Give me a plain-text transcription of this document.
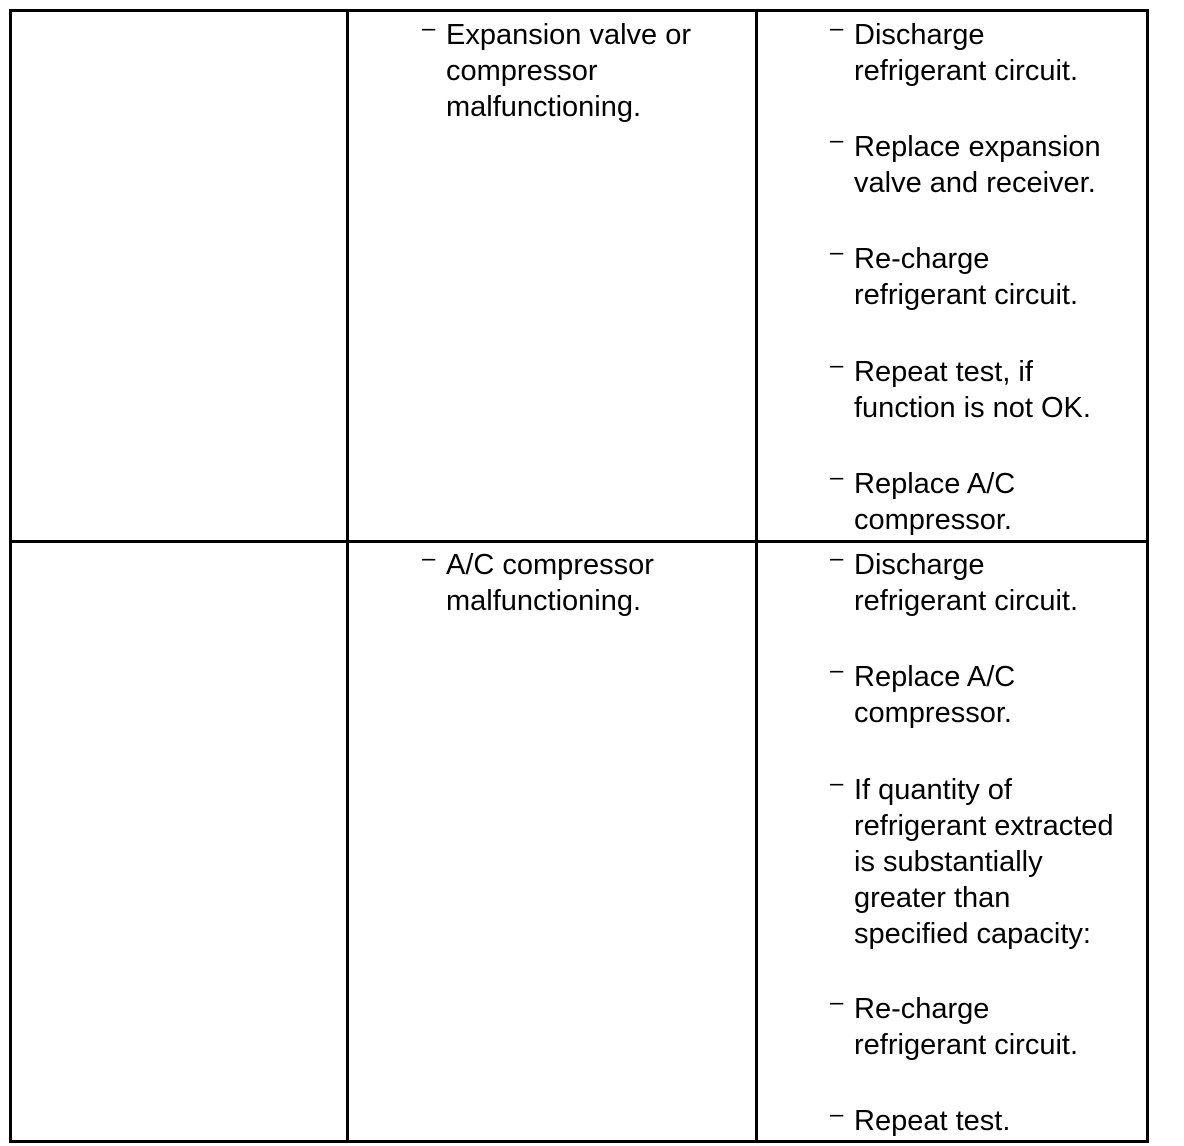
– Expansion valve or
compressor
malfunctioning.
– Discharge
refrigerant circuit.
– Replace expansion
valve and receiver.
– Re-charge
refrigerant circuit.
– Repeat test, if
function is not OK.
– Replace A/C
compressor.
– A/C compressor
malfunctioning.
– Discharge
refrigerant circuit.
– Replace A/C
compressor.
– If quantity of
refrigerant extracted
is substantially
greater than
specified capacity:
– Re-charge
refrigerant circuit.
– Repeat test.
